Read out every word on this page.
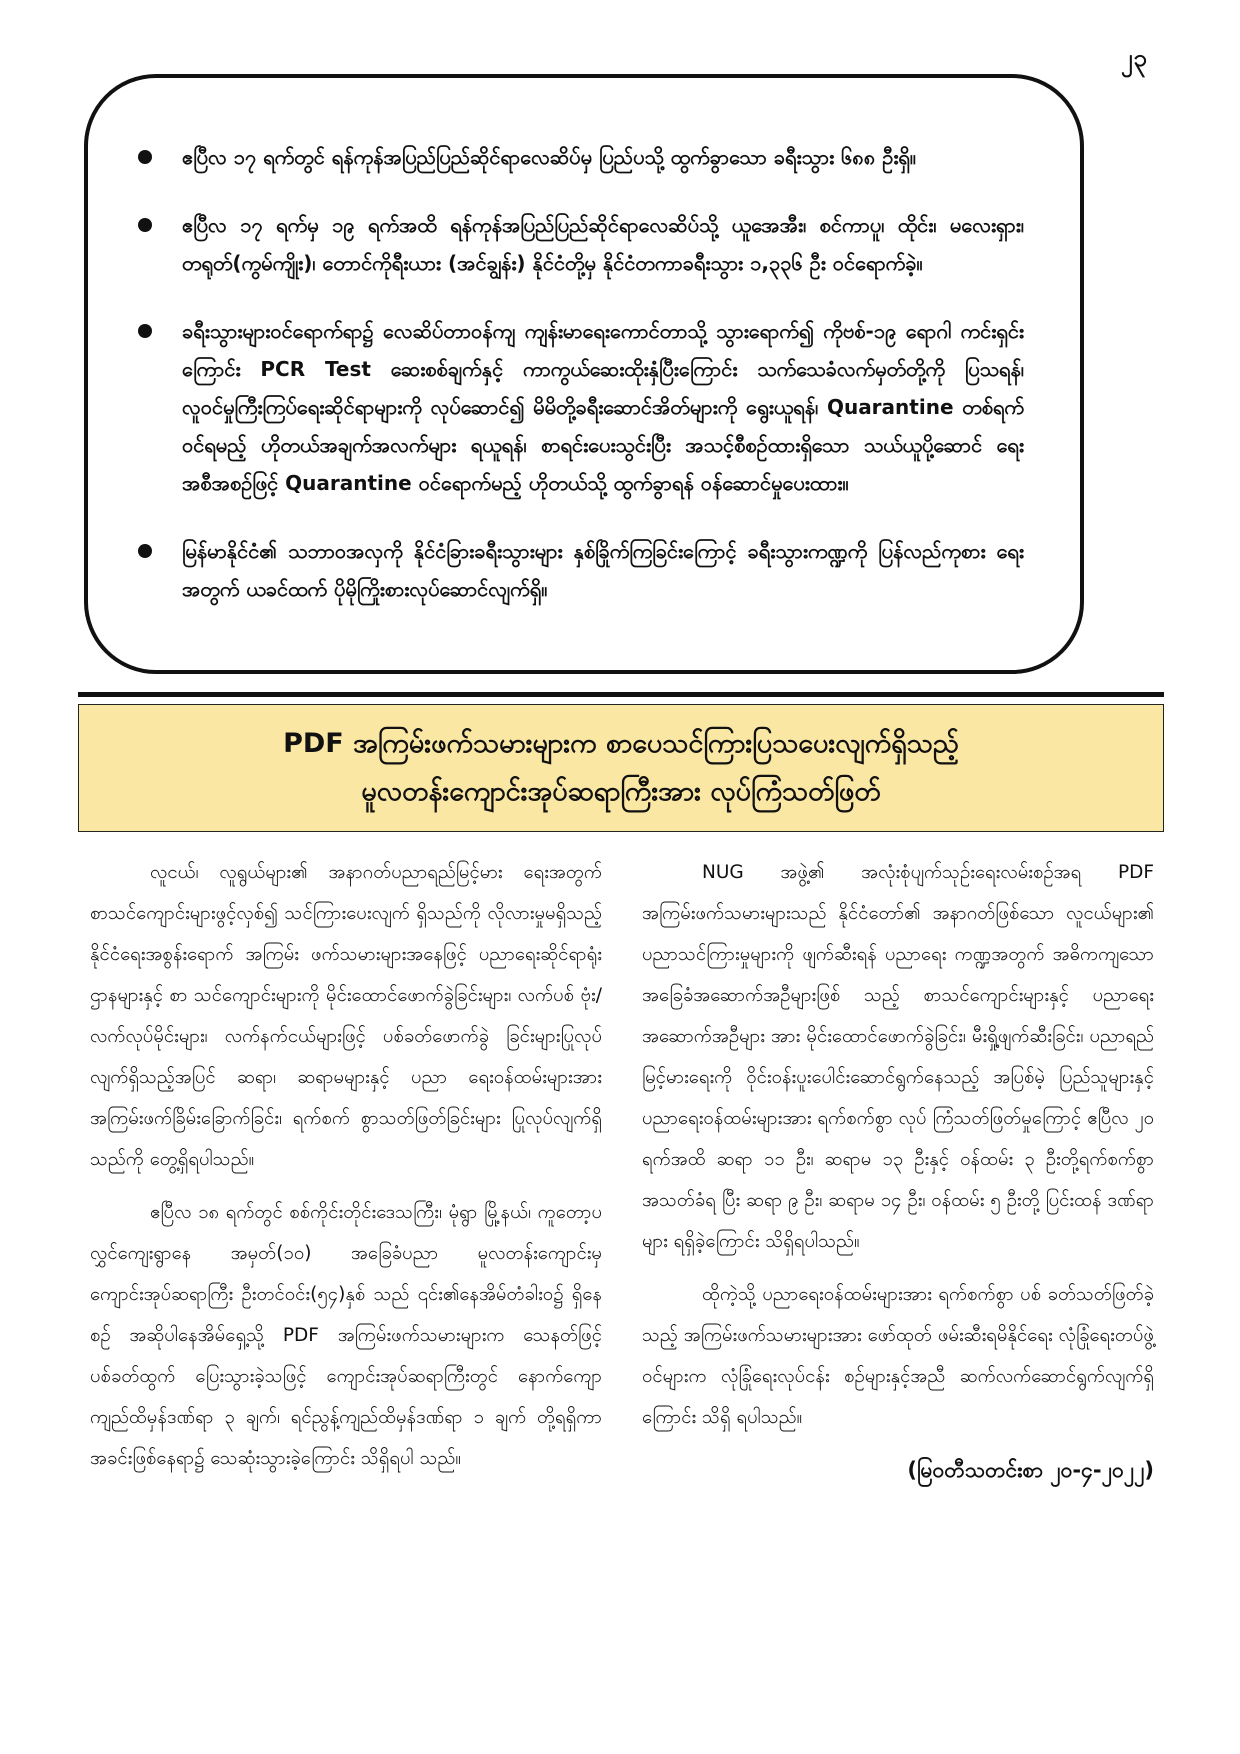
၂၃
ဧပြီလ ၁၇ ရက်တွင် ရန်ကုန်အပြည်ပြည်ဆိုင်ရာလေဆိပ်မှ ပြည်ပသို့ ထွက်ခွာသော ခရီးသွား ၆၈၈ ဦးရှိ။
ဧပြီလ ၁၇ ရက်မှ ၁၉ ရက်အထိ ရန်ကုန်အပြည်ပြည်ဆိုင်ရာလေဆိပ်သို့ ယူအေအီး၊ စင်ကာပူ၊ ထိုင်း၊ မလေးရှား၊ တရုတ်(ကွမ်ကျိုး)၊ တောင်ကိုရီးယား (အင်ချွန်း) နိုင်ငံတို့မှ နိုင်ငံတကာခရီးသွား ၁,၃၃၆ ဦး ဝင်ရောက်ခဲ့။
ခရီးသွားများဝင်ရောက်ရာ၌ လေဆိပ်တာဝန်ကျ ကျန်းမာရေးကောင်တာသို့ သွားရောက်၍ ကိုဗစ်-၁၉ ရောဂါ ကင်းရှင်းကြောင်း PCR Test ဆေးစစ်ချက်နှင့် ကာကွယ်ဆေးထိုးနှံပြီးကြောင်း သက်သေခံလက်မှတ်တို့ကို ပြသရန်၊ လူဝင်မှုကြီးကြပ်ရေးဆိုင်ရာများကို လုပ်ဆောင်၍ မိမိတို့ခရီးဆောင်အိတ်များကို ရွေးယူရန်၊ Quarantine တစ်ရက် ဝင်ရမည့် ဟိုတယ်အချက်အလက်များ ရယူရန်၊ စာရင်းပေးသွင်းပြီး အသင့်စီစဉ်ထားရှိသော သယ်ယူပို့ဆောင် ရေးအစီအစဉ်ဖြင့် Quarantine ဝင်ရောက်မည့် ဟိုတယ်သို့ ထွက်ခွာရန် ဝန်ဆောင်မှုပေးထား။
မြန်မာနိုင်ငံ၏ သဘာဝအလှကို နိုင်ငံခြားခရီးသွားများ နှစ်ခြိုက်ကြခြင်းကြောင့် ခရီးသွားကဏ္ဍကို ပြန်လည်ကုစား ရေးအတွက် ယခင်ထက် ပိုမိုကြိုးစားလုပ်ဆောင်လျက်ရှိ။
PDF အကြမ်းဖက်သမားများက စာပေသင်ကြားပြသပေးလျက်ရှိသည့်
မူလတန်းကျောင်းအုပ်ဆရာကြီးအား လုပ်ကြံသတ်ဖြတ်

လူငယ်၊ လူရွယ်များ၏ အနာဂတ်ပညာရည်မြင့်မား ရေးအတွက် စာသင်ကျောင်းများဖွင့်လှစ်၍ သင်ကြားပေးလျက် ရှိသည်ကို လိုလားမှုမရှိသည့် နိုင်ငံရေးအစွန်းရောက် အကြမ်း ဖက်သမားများအနေဖြင့် ပညာရေးဆိုင်ရာရုံးဌာနများနှင့် စာ သင်ကျောင်းများကို မိုင်းထောင်ဖောက်ခွဲခြင်းများ၊ လက်ပစ် ဗုံး/လက်လုပ်မိုင်းများ၊ လက်နက်ငယ်များဖြင့် ပစ်ခတ်ဖောက်ခွဲ ခြင်းများပြုလုပ်လျက်ရှိသည့်အပြင် ဆရာ၊ ဆရာမများနှင့် ပညာ ရေးဝန်ထမ်းများအား အကြမ်းဖက်ခြိမ်းခြောက်ခြင်း၊ ရက်စက် စွာသတ်ဖြတ်ခြင်းများ ပြုလုပ်လျက်ရှိသည်ကို တွေ့ရှိရပါသည်။

ဧပြီလ ၁၈ ရက်တွင် စစ်ကိုင်းတိုင်းဒေသကြီး၊ မုံရွာ မြို့နယ်၊ ကူတော့ပလွှင်ကျေးရွာနေ အမှတ်(၁၀) အခြေခံပညာ မူလတန်းကျောင်းမှ ကျောင်းအုပ်ဆရာကြီး ဦးတင်ဝင်း(၅၄)နှစ် သည် ၎င်း၏နေအိမ်တံခါးဝ၌ ရှိနေစဉ် အဆိုပါနေအိမ်ရှေ့သို့ PDF အကြမ်းဖက်သမားများက သေနတ်ဖြင့် ပစ်ခတ်ထွက် ပြေးသွားခဲ့သဖြင့် ကျောင်းအုပ်ဆရာကြီးတွင် နောက်ကျော ကျည်ထိမှန်ဒဏ်ရာ ၃ ချက်၊ ရင်ညွန့်ကျည်ထိမှန်ဒဏ်ရာ ၁ ချက် တို့ရရှိကာ အခင်းဖြစ်နေရာ၌ သေဆုံးသွားခဲ့ကြောင်း သိရှိရပါ သည်။

NUG အဖွဲ့၏ အလုံးစုံပျက်သုဉ်းရေးလမ်းစဉ်အရ PDF အကြမ်းဖက်သမားများသည် နိုင်ငံတော်၏ အနာဂတ်ဖြစ်သော လူငယ်များ၏ ပညာသင်ကြားမှုများကို ဖျက်ဆီးရန် ပညာရေး ကဏ္ဍအတွက် အဓိကကျသော အခြေခံအဆောက်အဦများဖြစ် သည့် စာသင်ကျောင်းများနှင့် ပညာရေးအဆောက်အဦများ အား မိုင်းထောင်ဖောက်ခွဲခြင်း၊ မီးရှို့ဖျက်ဆီးခြင်း၊ ပညာရည် မြင့်မားရေးကို ဝိုင်းဝန်းပူးပေါင်းဆောင်ရွက်နေသည့် အပြစ်မဲ့ ပြည်သူများနှင့် ပညာရေးဝန်ထမ်းများအား ရက်စက်စွာ လုပ် ကြံသတ်ဖြတ်မှုကြောင့် ဧပြီလ ၂၀ ရက်အထိ ဆရာ ၁၁ ဦး၊ ဆရာမ ၁၃ ဦးနှင့် ဝန်ထမ်း ၃ ဦးတို့ရက်စက်စွာ အသတ်ခံရ ပြီး ဆရာ ၉ ဦး၊ ဆရာမ ၁၄ ဦး၊ ဝန်ထမ်း ၅ ဦးတို့ ပြင်းထန် ဒဏ်ရာများ ရရှိခဲ့ကြောင်း သိရှိရပါသည်။

ထိုကဲ့သို့ ပညာရေးဝန်ထမ်းများအား ရက်စက်စွာ ပစ် ခတ်သတ်ဖြတ်ခဲ့သည့် အကြမ်းဖက်သမားများအား ဖော်ထုတ် ဖမ်းဆီးရမိနိုင်ရေး လုံခြုံရေးတပ်ဖွဲ့ဝင်များက လုံခြုံရေးလုပ်ငန်း စဉ်များနှင့်အညီ ဆက်လက်ဆောင်ရွက်လျက်ရှိကြောင်း သိရှိ ရပါသည်။

(မြဝတီသတင်းစာ ၂၀-၄-၂၀၂၂)
